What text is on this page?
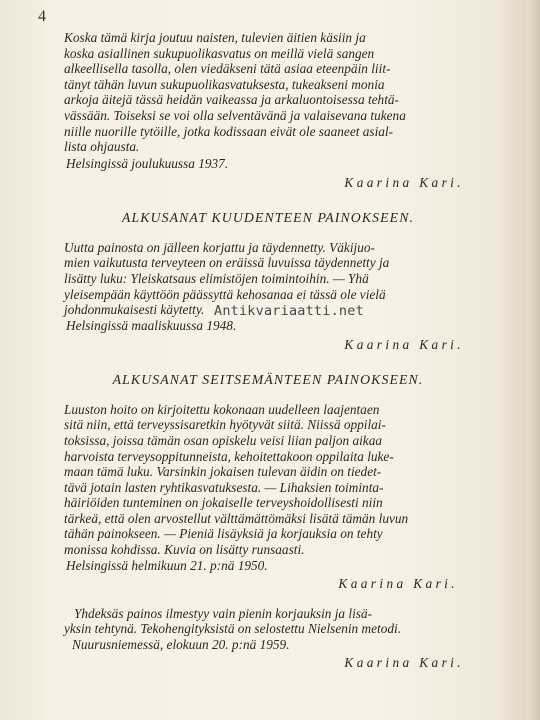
4

Koska tämä kirja joutuu naisten, tulevien äitien käsiin ja
koska asiallinen sukupuolikasvatus on meillä vielä sangen
alkeellisella tasolla, olen viedäkseni tätä asiaa eteenpäin liit-
tänyt tähän luvun sukupuolikasvatuksesta, tukeakseni monia
arkoja äitejä tässä heidän vaikeassa ja arkaluontoisessa tehtä-
vässään. Toiseksi se voi olla selventävänä ja valaisevana tukena
niille nuorille tytöille, jotka kodissaan eivät ole saaneet asial-
lista ohjausta.

Helsingissä joulukuussa 1937.

Kaarina Kari.

ALKUSANAT KUUDENTEEN PAINOKSEEN.

Uutta painosta on jälleen korjattu ja täydennetty. Väkijuo-
mien vaikutusta terveyteen on eräissä luvuissa täydennetty ja
lisätty luku: Yleiskatsaus elimistöjen toimintoihin. — Yhä
yleisempään käyttöön päässyttä kehosanaa ei tässä ole vielä
johdonmukaisesti käytetty.

Helsingissä maaliskuussa 1948.

Kaarina Kari.

ALKUSANAT SEITSEMÄNTEEN PAINOKSEEN.

Luuston hoito on kirjoitettu kokonaan uudelleen laajentaen
sitä niin, että terveyssisaretkin hyötyvät siitä. Niissä oppilai-
toksissa, joissa tämän osan opiskelu veisi liian paljon aikaa
harvoista terveysoppitunneista, kehoitettakoon oppilaita luke-
maan tämä luku. Varsinkin jokaisen tulevan äidin on tiedet-
tävä jotain lasten ryhtikasvatuksesta. — Lihaksien toiminta-
häiriöiden tunteminen on jokaiselle terveyshoidollisesti niin
tärkeä, että olen arvostellut välttämättömäksi lisätä tämän luvun
tähän painokseen. — Pieniä lisäyksiä ja korjauksia on tehty
monissa kohdissa. Kuvia on lisätty runsaasti.

Helsingissä helmikuun 21. p:nä 1950.

Kaarina Kari.

Yhdeksäs painos ilmestyy vain pienin korjauksin ja lisä-
yksin tehtynä. Tekohengityksistä on selostettu Nielsenin metodi.

Nuurusniemessä, elokuun 20. p:nä 1959.

Kaarina Kari.

Antikvariaatti.net
